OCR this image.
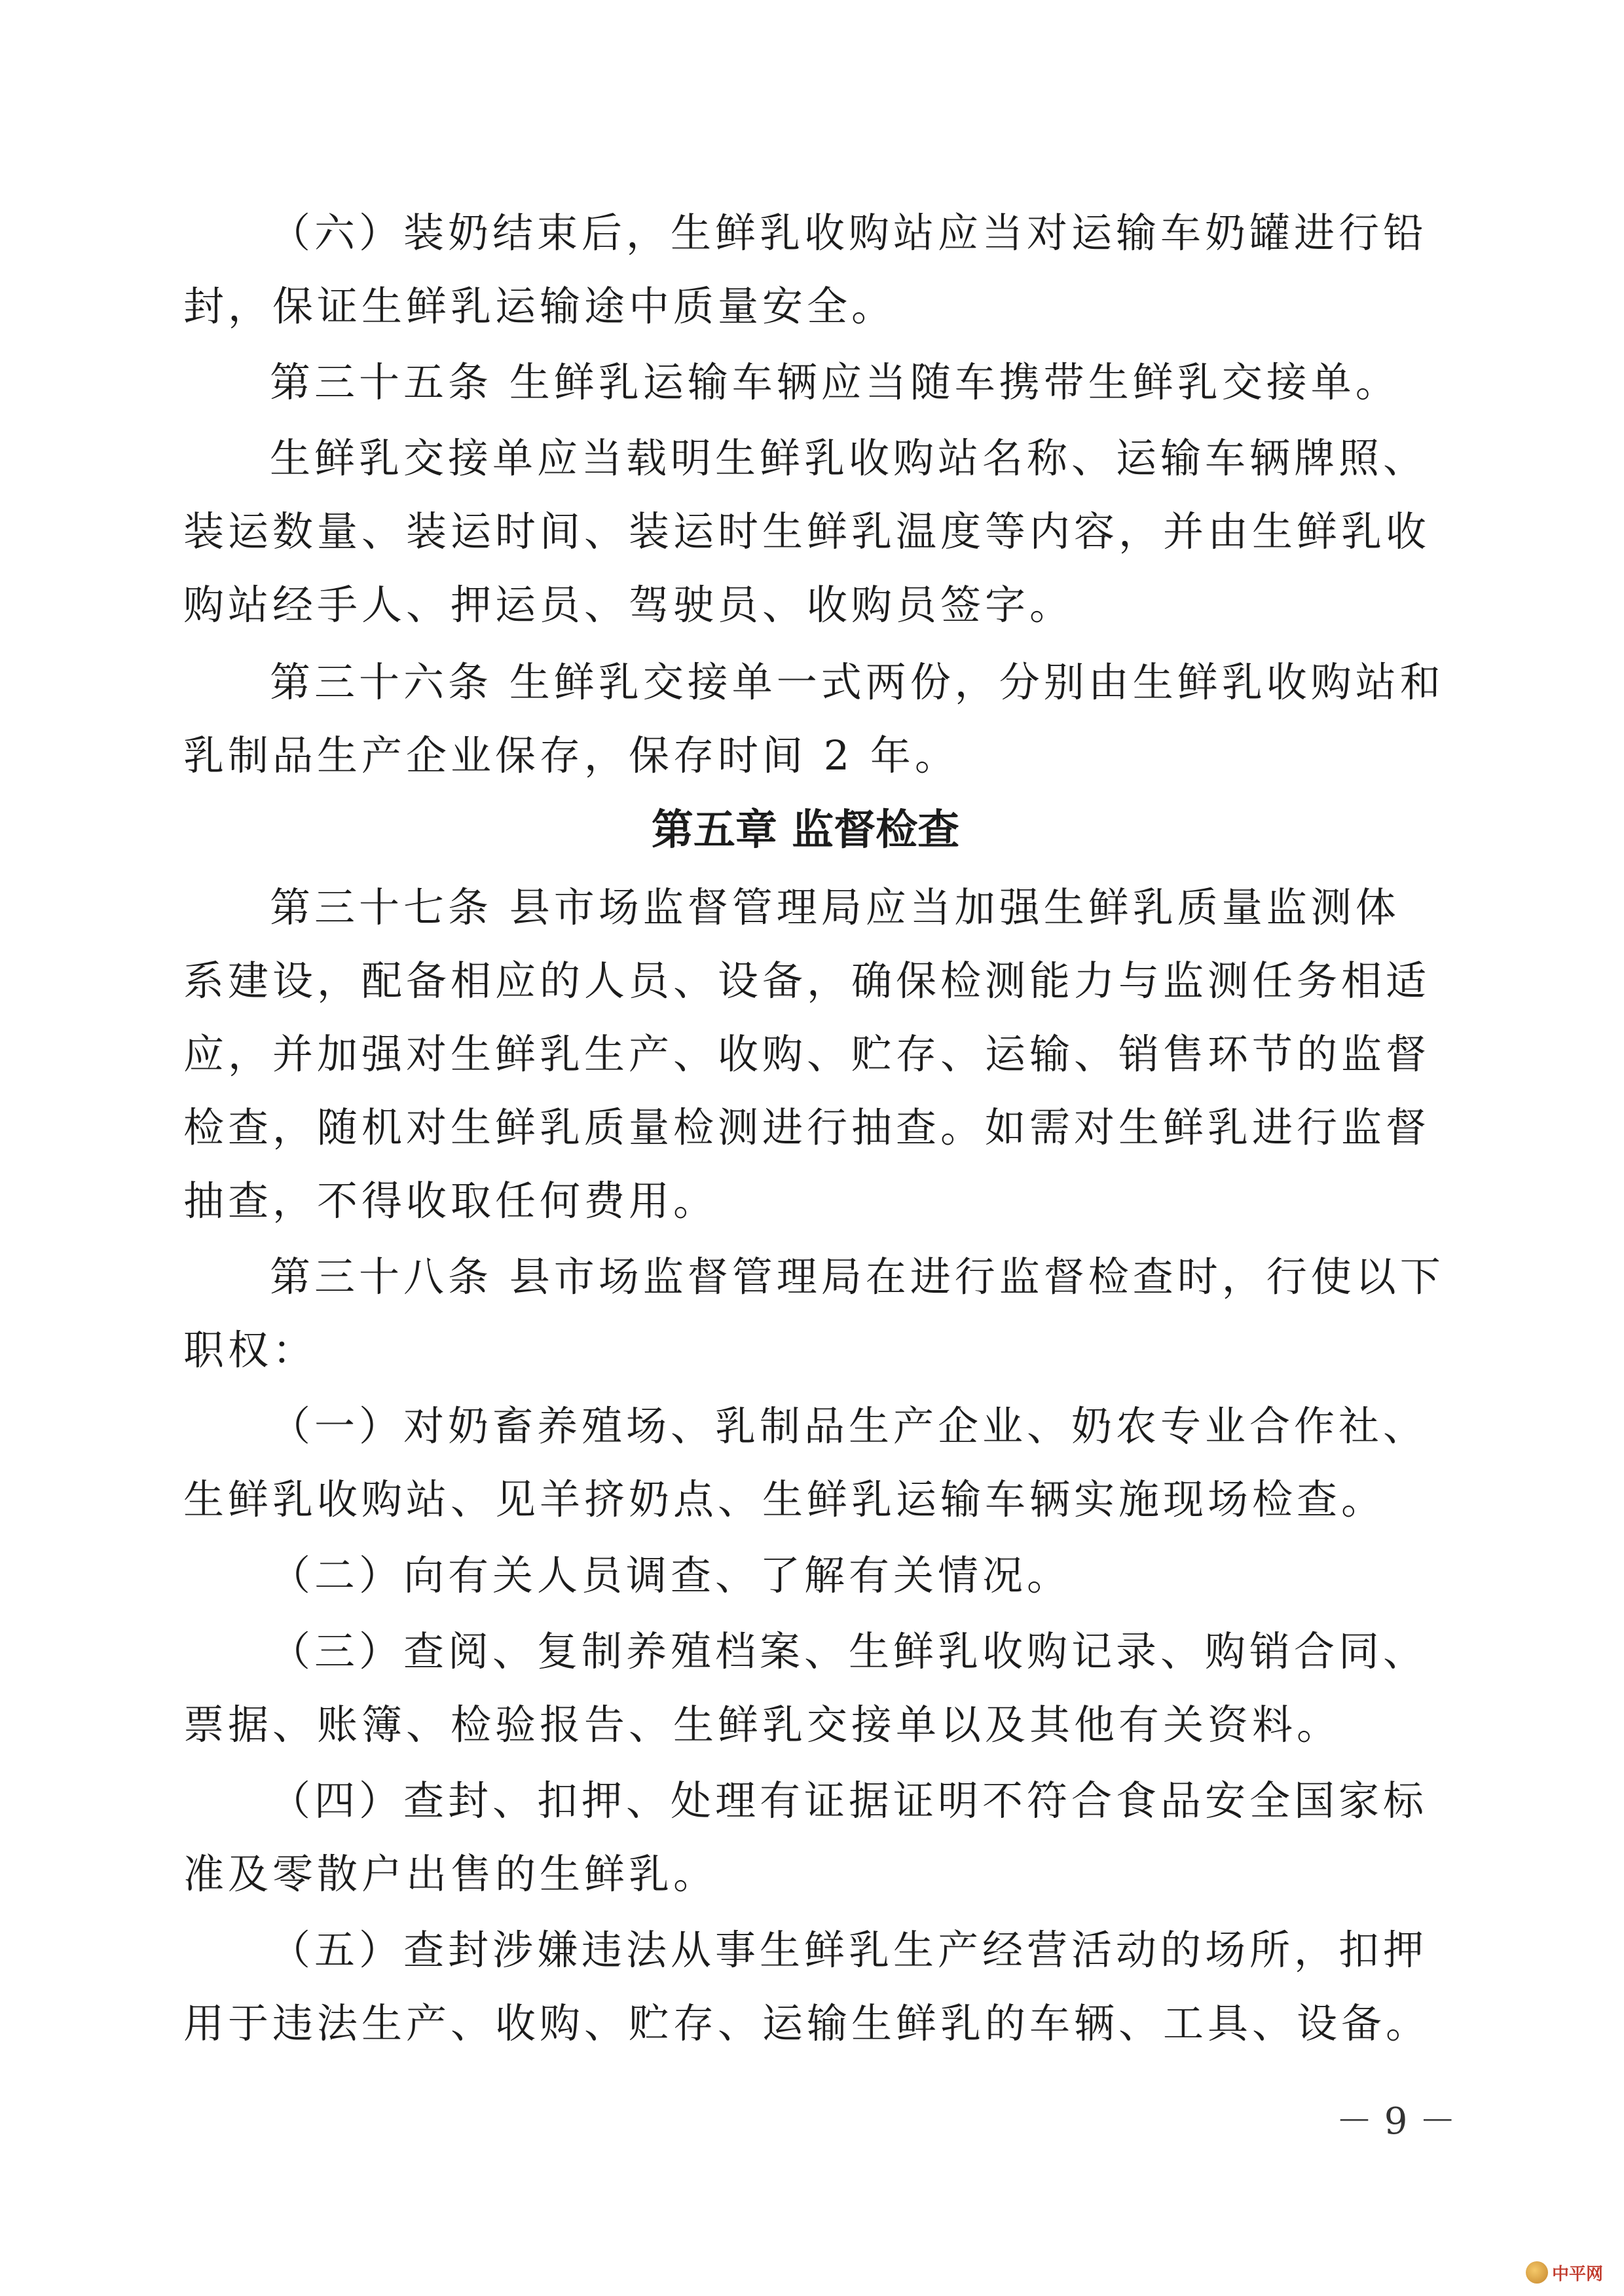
（六）装奶结束后，生鲜乳收购站应当对运输车奶罐进行铅
封，保证生鲜乳运输途中质量安全。
第三十五条 生鲜乳运输车辆应当随车携带生鲜乳交接单。
生鲜乳交接单应当载明生鲜乳收购站名称、运输车辆牌照、
装运数量、装运时间、装运时生鲜乳温度等内容，并由生鲜乳收
购站经手人、押运员、驾驶员、收购员签字。
第三十六条 生鲜乳交接单一式两份，分别由生鲜乳收购站和
乳制品生产企业保存，保存时间 2 年。
第五章 监督检查
第三十七条 县市场监督管理局应当加强生鲜乳质量监测体
系建设，配备相应的人员、设备，确保检测能力与监测任务相适
应，并加强对生鲜乳生产、收购、贮存、运输、销售环节的监督
检查，随机对生鲜乳质量检测进行抽查。如需对生鲜乳进行监督
抽查，不得收取任何费用。
第三十八条 县市场监督管理局在进行监督检查时，行使以下
职权：
（一）对奶畜养殖场、乳制品生产企业、奶农专业合作社、
生鲜乳收购站、见羊挤奶点、生鲜乳运输车辆实施现场检查。
（二）向有关人员调查、了解有关情况。
（三）查阅、复制养殖档案、生鲜乳收购记录、购销合同、
票据、账簿、检验报告、生鲜乳交接单以及其他有关资料。
（四）查封、扣押、处理有证据证明不符合食品安全国家标
准及零散户出售的生鲜乳。
（五）查封涉嫌违法从事生鲜乳生产经营活动的场所，扣押
用于违法生产、收购、贮存、运输生鲜乳的车辆、工具、设备。
－ 9 －
中平网
